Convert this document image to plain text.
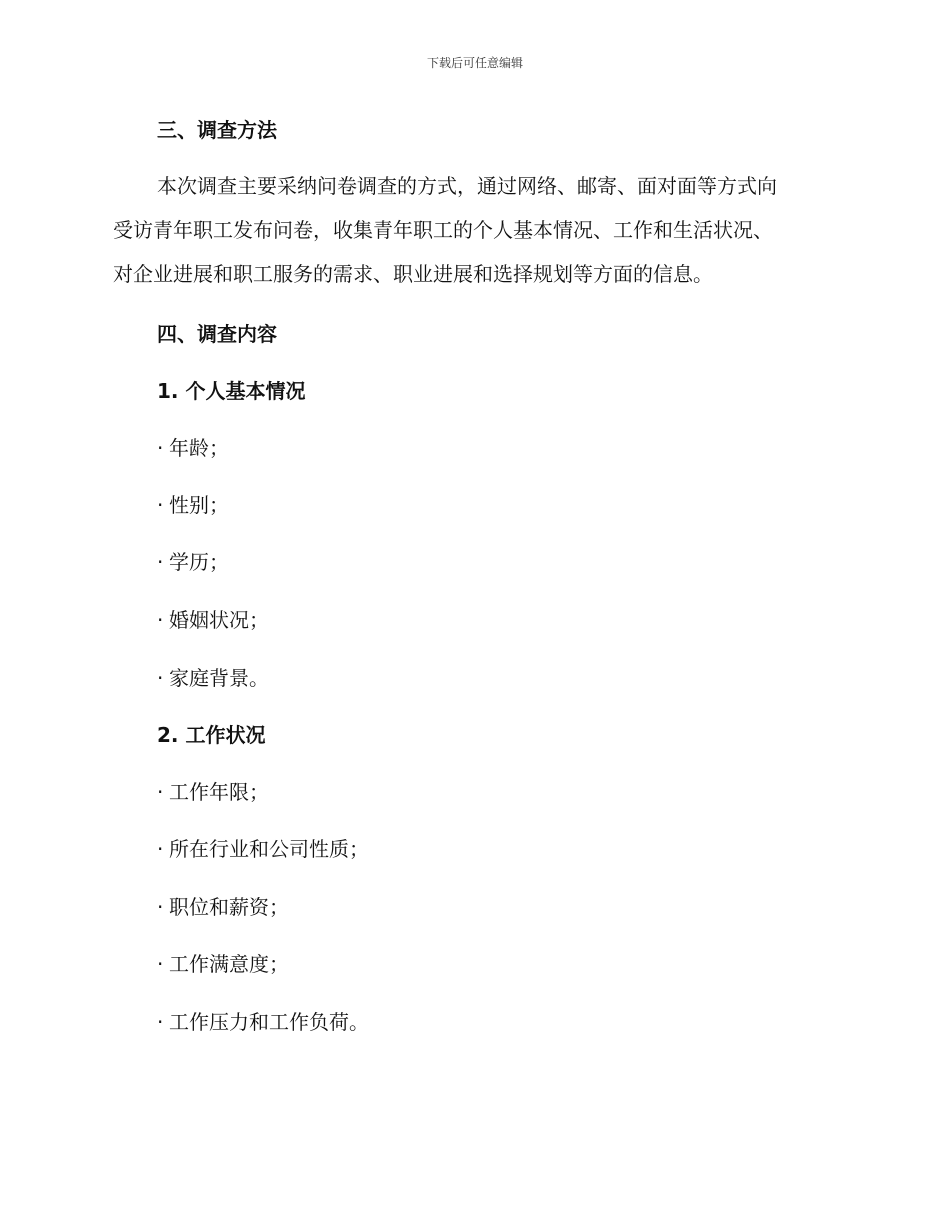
下载后可任意编辑
三、调查方法
本次调查主要采纳问卷调查的方式，通过网络、邮寄、面对面等方式向
受访青年职工发布问卷，收集青年职工的个人基本情况、工作和生活状况、
对企业进展和职工服务的需求、职业进展和选择规划等方面的信息。
四、调查内容
1. 个人基本情况
· 年龄；
· 性别；
· 学历；
· 婚姻状况；
· 家庭背景。
2. 工作状况
· 工作年限；
· 所在行业和公司性质；
· 职位和薪资；
· 工作满意度；
· 工作压力和工作负荷。
